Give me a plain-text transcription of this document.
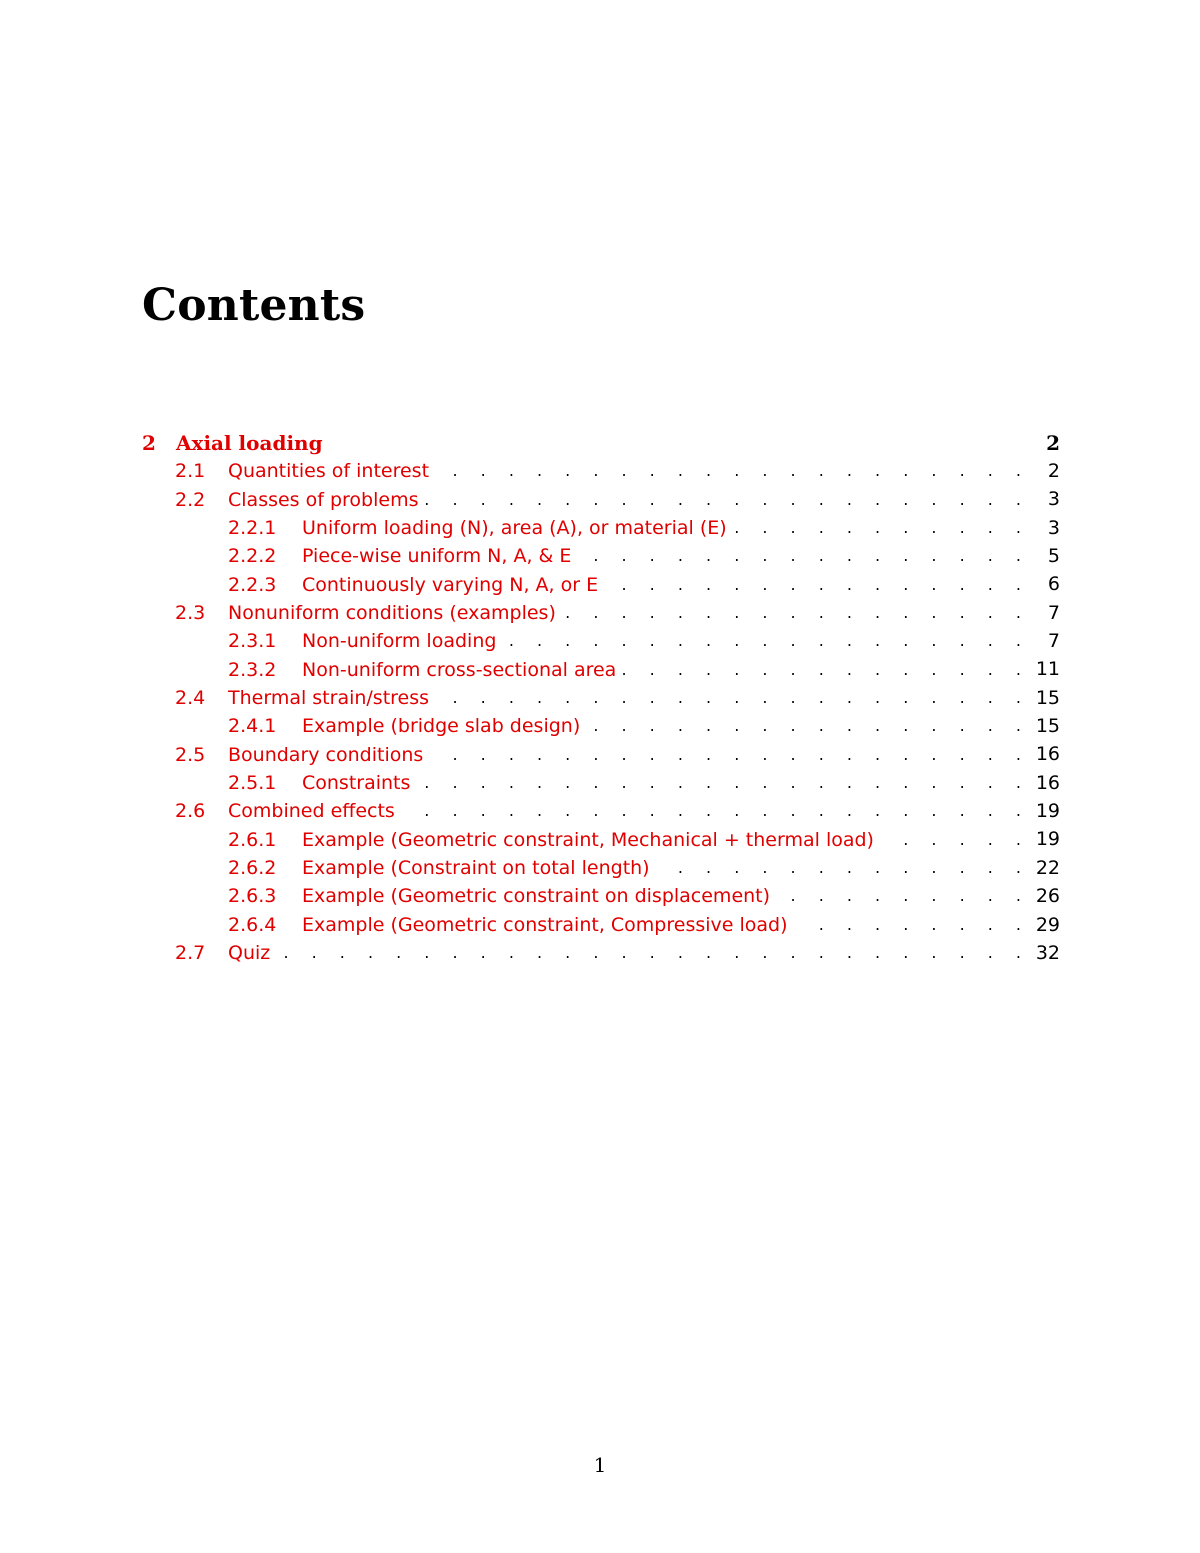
Contents
2	Axial loading	2
2.1	Quantities of interest . . .	2
2.2	Classes of problems . . .	3
2.2.1	Uniform loading (N), area (A), or material (E) . . .	3
2.2.2	Piece-wise uniform N, A, & E . . .	5
2.2.3	Continuously varying N, A, or E . . .	6
2.3	Nonuniform conditions (examples) . . .	7
2.3.1	Non-uniform loading . . .	7
2.3.2	Non-uniform cross-sectional area . . .	11
2.4	Thermal strain/stress . . .	15
2.4.1	Example (bridge slab design) . . .	15
2.5	Boundary conditions . . .	16
2.5.1	Constraints . . .	16
2.6	Combined effects . . .	19
2.6.1	Example (Geometric constraint, Mechanical + thermal load) . . .	19
2.6.2	Example (Constraint on total length) . . .	22
2.6.3	Example (Geometric constraint on displacement) . . .	26
2.6.4	Example (Geometric constraint, Compressive load) . . .	29
2.7	Quiz . . .	32
1
